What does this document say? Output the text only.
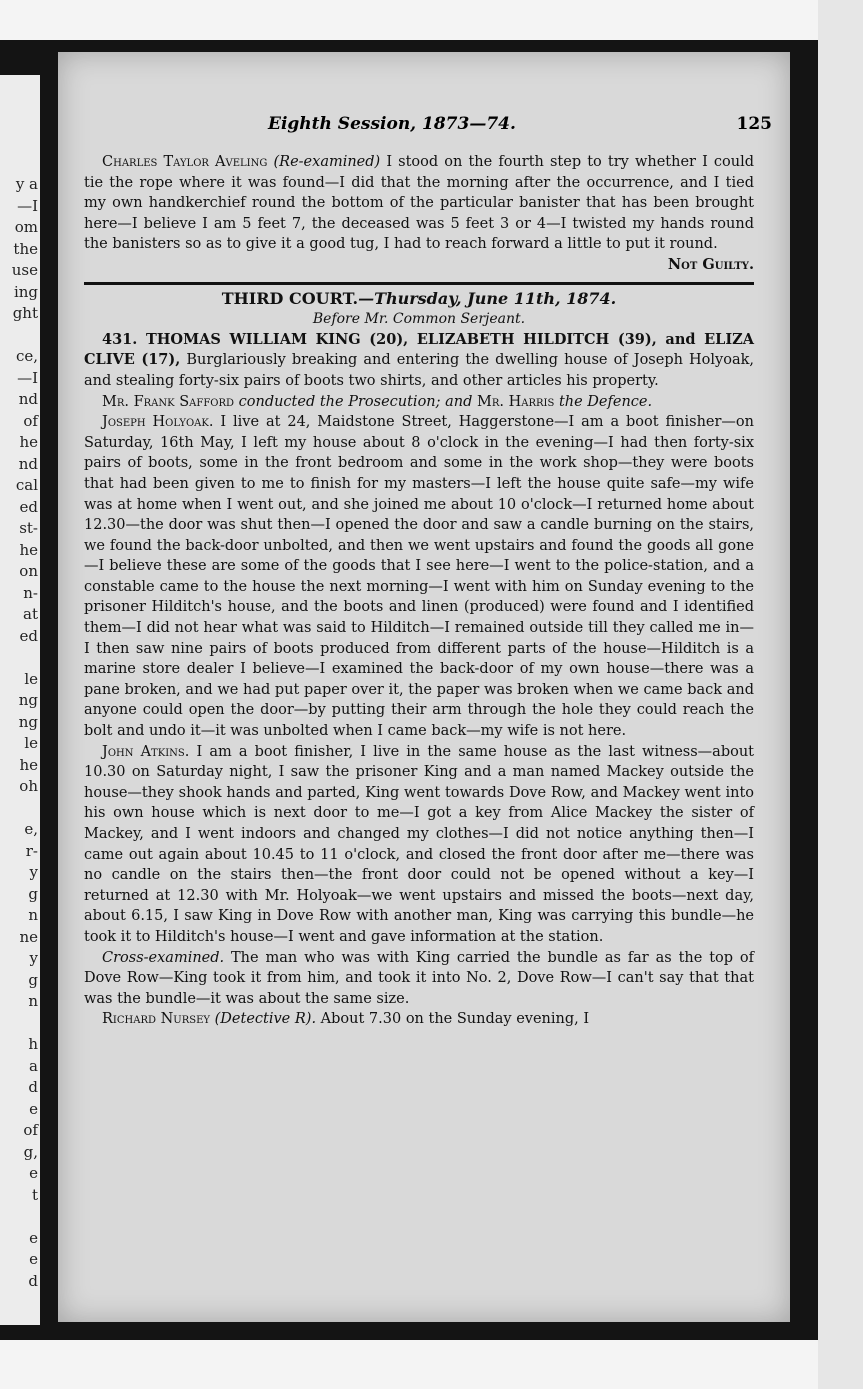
y a
—I
om
the
use
ing
ght
ce,
—I
nd
of
he
nd
cal
ed
st-
he
on
n-
at
ed
le
ng
ng
le
he
oh
e,
r-
y
g
n
ne
y
g
n
h
a
d
e
of
g,
e
t
e
e
d
Eighth Session, 1873—74.	125

Charles Taylor Aveling (Re-examined) I stood on the fourth step to try whether I could tie the rope where it was found—I did that the morning after the occurrence, and I tied my own handkerchief round the bottom of the particular banister that has been brought here—I believe I am 5 feet 7, the deceased was 5 feet 3 or 4—I twisted my hands round the banisters so as to give it a good tug, I had to reach forward a little to put it round.

Not Guilty.
THIRD COURT.—Thursday, June 11th, 1874.
Before Mr. Common Serjeant.

431. THOMAS WILLIAM KING (20), ELIZABETH HILDITCH (39), and ELIZA CLIVE (17), Burglariously breaking and entering the dwelling house of Joseph Holyoak, and stealing forty-six pairs of boots two shirts, and other articles his property.

Mr. Frank Safford conducted the Prosecution; and Mr. Harris the Defence.

Joseph Holyoak. I live at 24, Maidstone Street, Haggerstone—I am a boot finisher—on Saturday, 16th May, I left my house about 8 o'clock in the evening—I had then forty-six pairs of boots, some in the front bedroom and some in the work shop—they were boots that had been given to me to finish for my masters—I left the house quite safe—my wife was at home when I went out, and she joined me about 10 o'clock—I returned home about 12.30—the door was shut then—I opened the door and saw a candle burning on the stairs, we found the back-door unbolted, and then we went upstairs and found the goods all gone—I believe these are some of the goods that I see here—I went to the police-station, and a constable came to the house the next morning—I went with him on Sunday evening to the prisoner Hilditch's house, and the boots and linen (produced) were found and I identified them—I did not hear what was said to Hilditch—I remained outside till they called me in—I then saw nine pairs of boots produced from different parts of the house—Hilditch is a marine store dealer I believe—I examined the back-door of my own house—there was a pane broken, and we had put paper over it, the paper was broken when we came back and anyone could open the door—by putting their arm through the hole they could reach the bolt and undo it—it was unbolted when I came back—my wife is not here.

John Atkins. I am a boot finisher, I live in the same house as the last witness—about 10.30 on Saturday night, I saw the prisoner King and a man named Mackey outside the house—they shook hands and parted, King went towards Dove Row, and Mackey went into his own house which is next door to me—I got a key from Alice Mackey the sister of Mackey, and I went indoors and changed my clothes—I did not notice anything then—I came out again about 10.45 to 11 o'clock, and closed the front door after me—there was no candle on the stairs then—the front door could not be opened without a key—I returned at 12.30 with Mr. Holyoak—we went upstairs and missed the boots—next day, about 6.15, I saw King in Dove Row with another man, King was carrying this bundle—he took it to Hilditch's house—I went and gave information at the station.

Cross-examined. The man who was with King carried the bundle as far as the top of Dove Row—King took it from him, and took it into No. 2, Dove Row—I can't say that that was the bundle—it was about the same size.

Richard Nursey (Detective R). About 7.30 on the Sunday evening, I
